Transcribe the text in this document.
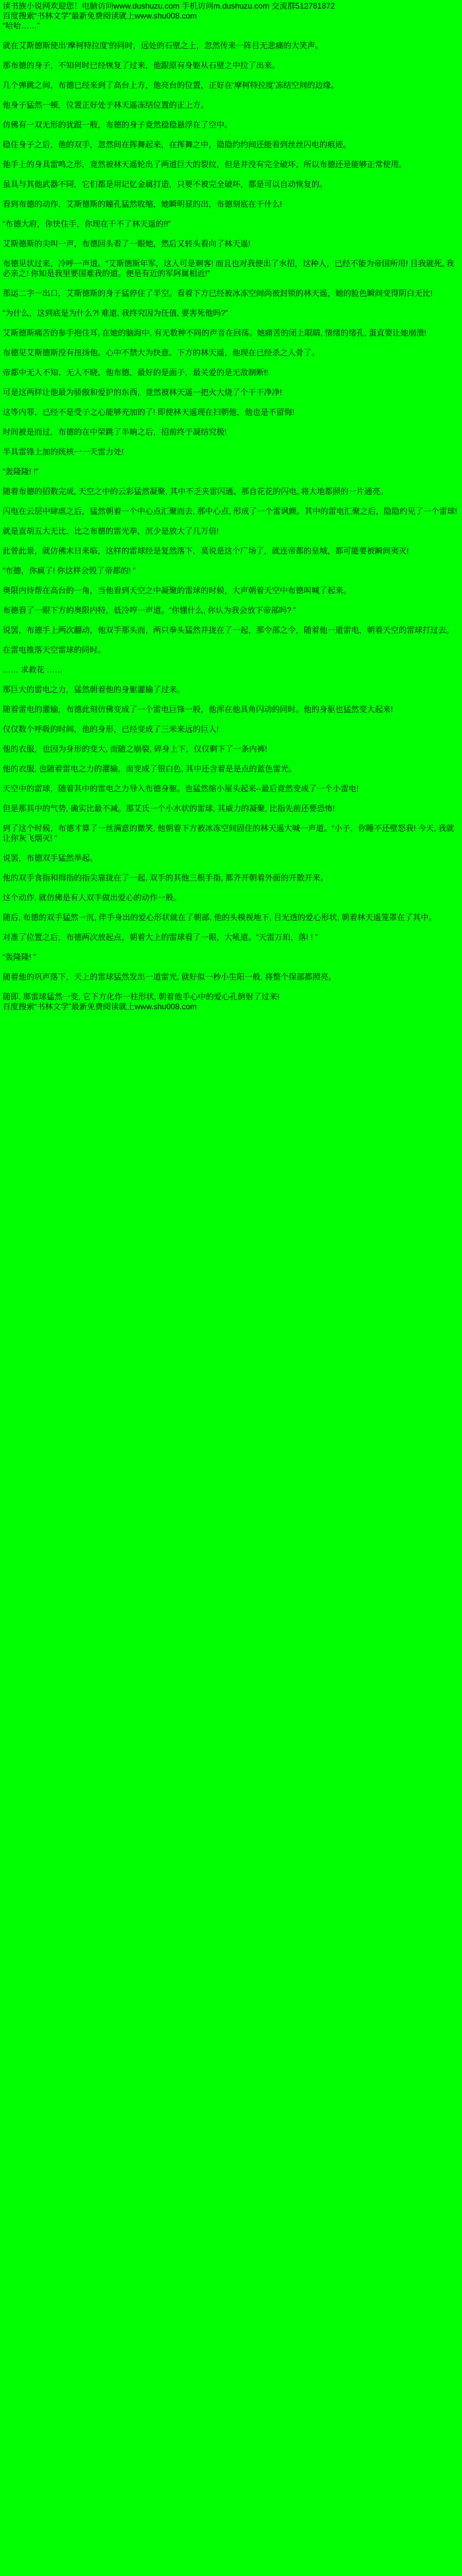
读书族小说网欢迎您！电脑访问www.dushuzu.com 手机访问m.dushuzu.com 交流群512781872
百度搜索“书林文学”最新免费阅读就上www.shu008.com
“哈哈……”

就在艾斯德斯使出‘摩柯特拉度’的同时，远处的石壁之上，忽然传来一阵目无悲痛的大笑声。

那布德的身子，不知何时已经恢复了过来，他跟原有身躯从石壁之中拉了出来。

几个弹跳之间，布德已经来到了高台上方，他亮台的位置，正好在‘摩柯特拉度’冻结空间的边缘。

他身子猛然一顿，位置正好处于林天遥冻结位置的正上方。

仿佛有一双无形的犹跟一般，布德的身子竟然稳稳悬浮在了空中。

稳住身子之后，他的双手，忽然间在挥舞起来，在挥舞之中，隐隐约约间还能看到丝丝闪电的痕迹。

他手上的身具雷鸣之形，竟然被林天遥轮出了两道巨大的裂纹，但是并没有完全破坏，所以布德还是能够正常使用。

虽具与其他武器不同，它们都是用记忆金属打造，只要不被完全破坏，都是可以自动恢复的。

看到布德的动作，艾斯德斯的瞳孔猛然收缩，她瞬明显的出，布德刻底在干什么!

“布德大府，你快住手，你现在干不了林天遥的!!”

艾斯德斯的尖叫一声，布德回头看了一眼她，然后又转头看向了林天遥!

布德见状过来，冷呼一声道。“艾斯德斯年军，这人可是刺客! 而且也对我使出了水招，这种人，已经不能为帝国所用! 目我就死, 我必亲之! 你知是我里要国难我的道。便是有近的军阿属相近!”

那运二字一出口，艾斯德斯的身子猛停住了半空。看着下方已经被冰冻空间尚被封锁的林天遥，她的脸色瞬间变得阴白无比!

“为什么，这到底是为什么?! 难道, 我终究因为任值, 要害死他吗?”

艾斯德斯痛苦的参手抱住耳, 在她的脑海中, 有无数种不同的声音在回荡。她痛苦的闭上眼睛, 情绪的绪孔, 蛋直要让她崩溃!

布德见艾斯德斯没有扭扬他。心中不禁大为快意。下方的林天遥，他现在已经杀之人骨了。

帝都中无人不知、无人不晓，他布德，最好的是面子，最关爱的是无敌制断!!

可是这两样让他最为骄傲和爱护的东西，竟然被林天遥一把火大烧了个干干净净!

这等内罪，已经不是受子之心能够充加的了! 即使林天遥现在扫朝他，他也是不留悔!

时间被是而过，布德的在中荣跳了半晌之后，招前终于凝结究极!

半具雷锋上加的统核一一天雷力处!

“轰隆隆! !”

随着布德的招数完成, 天空之中的云彩猛然凝聚, 其中不乏夹雷闪通、那自花花的闪电, 将大地都照的一片通亮。

闪电在云层中肆虐之后，猛然朝着一个中心点汇聚而去, 那中心点, 形成了一个雷讽颤。其中的雷电汇聚之后，隐隐约见了一个雷球!

就是直胡五大无比，比之布德的雷光拳，沉少是放大了几万倍!

此曾此景，就仿佛末日来临，这样的雷球经是复然落下，莫说是这个广场了，就连帝都的皇城，都可能要被瞬间夷灭!

“布德，你疯了! 你这样会毁了帝都的! ”

奥限内待帮在高台的一角，当他看到天空之中凝聚的雷球的时候，大声朝着天空中布德叫喊了起来。

布德看了一眼下方的奥限内特，低冷哼一声道。“你懂什么, 你认为我会放下帝部吗? ”

说罢，布德手上两次翻动，他双手那头而，两只拳头猛然并拢在了一起，那令部之令，随着他一道雷电，朝着天空的雷球打过去。

在雷电推落天空雷球的同时。

…… 求救花 ……

那巨大的雷电之力，猛然朝着他的身躯灌输了过来。

随着雷电的灌输，布德此刻仿佛变成了一个雷电巨锋一般，他浑在他具角闪动的同时。他的身驱也猛然变大起来!

仅仅数个呼吸的时间，他的身形，已经变成了三米来远的巨人!

他的衣服，也因为身形的变大, 而随之崩裂, 碎身上下，仅仅剩下了一条内裤!

他的衣服, 也随着雷电之力的灌输，而变成了银白色, 其中还含着是是点的蓝色雷光。

天空中的雷球，随着其中的雷电之力导入布德身躯。也猛然缩小屋头起来--最后竟然变成了一个小雷电!

但是那其中的气势, 确实比最不减。那艾氏一个小水状的雷球, 其威力的凝聚, 比指先前还要恐怖!

到了这个时候，布德才算了一丝满意的微笑, 他朝着下方被冰冻空间固住的林天遥大喊一声道。“小子，你睡不还壁怒我! 今天, 我就让你灰飞烟灭! ”

说罢，布德双手猛然举起。

他的双手食指和拇指的指尖靠拢在了一起, 双手的其他三根手指, 都齐开朝着外面的开散开来。

这个动作, 就仿佛是有人双手做出爱心的动作一般。

随后, 布德的双手猛然一沉, 伴手身出的爱心形状就在了朝部, 他的头模视地下, 目光透的爱心形状, 朝着林天遥笼罩在了其中。

对准了位置之后，布德两次放起点，朝着大上的雷球看了一眼，大吼道。“天雷万珀，落! ! ”

“轰隆隆! ”

随着他的巩声落下，天上的雷球猛然发出一道雷光, 就好似一秒小生阳一般, 将整个保部都照亮。

随即, 那雷球猛然一变, 它下方化作一柱形状, 朝着他手心中的爱心孔倒射了过来!
百度搜索“书林文学”最新免费阅读就上www.shu008.com
